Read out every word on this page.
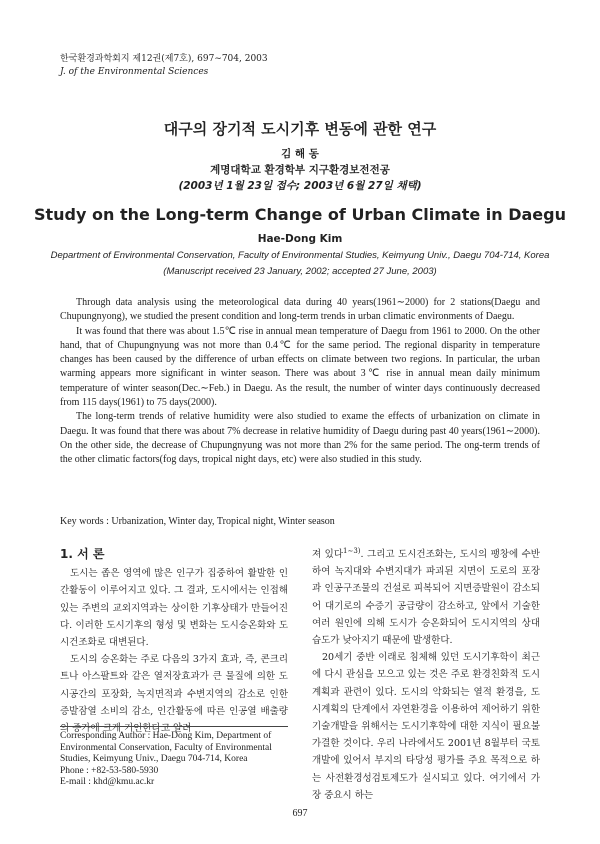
한국환경과학회지 제12권(제7호), 697∼704, 2003
J. of the Environmental Sciences
대구의 장기적 도시기후 변동에 관한 연구
김 해 동
계명대학교 환경학부 지구환경보전전공
(2003년 1월 23일 접수; 2003년 6월 27일 채택)
Study on the Long-term Change of Urban Climate in Daegu
Hae-Dong Kim
Department of Environmental Conservation, Faculty of Environmental Studies, Keimyung Univ., Daegu 704-714, Korea
(Manuscript received 23 January, 2002; accepted 27 June, 2003)

Through data analysis using the meteorological data during 40 years(1961∼2000) for 2 stations(Daegu and Chupungnyong), we studied the present condition and long-term trends in urban climatic environments of Daegu.

It was found that there was about 1.5℃ rise in annual mean temperature of Daegu from 1961 to 2000. On the other hand, that of Chupungnyung was not more than 0.4℃ for the same period. The regional disparity in temperature changes has been caused by the difference of urban effects on climate between two regions. In particular, the urban warming appears more significant in winter season. There was about 3℃ rise in annual mean daily minimum temperature of winter season(Dec.∼Feb.) in Daegu. As the result, the number of winter days continuously decreased from 115 days(1961) to 75 days(2000).

The long-term trends of relative humidity were also studied to exame the effects of urbanization on climate in Daegu. It was found that there was about 7% decrease in relative humidity of Daegu during past 40 years(1961∼2000). On the other side, the decrease of Chupungnyung was not more than 2% for the same period. The ong-term trends of the other climatic factors(fog days, tropical night days, etc) were also studied in this study.

Key words : Urbanization, Winter day, Tropical night, Winter season
1. 서 론

도시는 좁은 영역에 많은 인구가 집중하여 활발한 인간활동이 이루어지고 있다. 그 결과, 도시에서는 인접해 있는 주변의 교외지역과는 상이한 기후상태가 만들어진다. 이러한 도시기후의 형성 및 변화는 도시승온화와 도시건조화로 대변된다.

도시의 승온화는 주로 다음의 3가지 효과, 즉, 콘크리트나 아스팔트와 같은 열저장효과가 큰 물질에 의한 도시공간의 포장화, 녹지면적과 수변지역의 감소로 인한 증발잠열 소비의 감소, 인간활동에 따른 인공열 배출량의 증가에 크게 기인한다고 알려

져 있다$^{1\sim 3)}$. 그리고 도시건조화는, 도시의 팽창에 수반하여 녹지대와 수변지대가 파괴된 지면이 도로의 포장과 인공구조물의 건설로 피복되어 지면증발원이 감소되어 대기로의 수증기 공급량이 감소하고, 앞에서 기술한 여러 원인에 의해 도시가 승온화되어 도시지역의 상대습도가 낮아지기 때문에 발생한다.

20세기 중반 이래로 침체해 있던 도시기후학이 최근에 다시 관심을 모으고 있는 것은 주로 환경친화적 도시계획과 관련이 있다. 도시의 악화되는 열적 환경을, 도시계획의 단계에서 자연환경을 이용하여 제어하기 위한 기술개발을 위해서는 도시기후학에 대한 지식이 필요불가결한 것이다. 우리 나라에서도 2001년 8월부터 국토개발에 있어서 부지의 타당성 평가를 주요 목적으로 하는 사전환경성검토제도가 실시되고 있다. 여기에서 가장 중요시 하는

Corresponding Author : Hae-Dong Kim, Department of Environmental Conservation, Faculty of Environmental Studies, Keimyung Univ., Daegu 704-714, Korea
Phone : +82-53-580-5930
E-mail : khd@kmu.ac.kr
697
